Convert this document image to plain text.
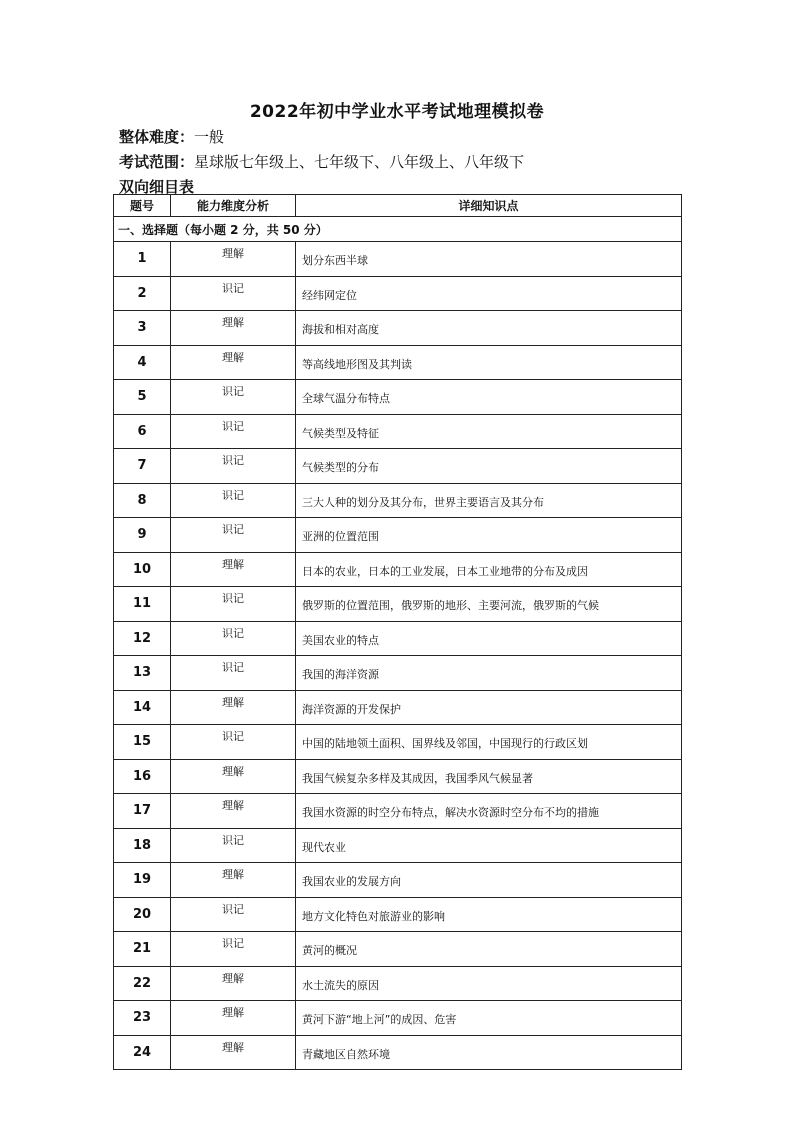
2022年初中学业水平考试地理模拟卷
整体难度：一般
考试范围：星球版七年级上、七年级下、八年级上、八年级下
双向细目表
题号	能力维度分析	详细知识点
一、选择题（每小题 2 分，共 50 分）		
1	理解	划分东西半球
2	识记	经纬网定位
3	理解	海拔和相对高度
4	理解	等高线地形图及其判读
5	识记	全球气温分布特点
6	识记	气候类型及特征
7	识记	气候类型的分布
8	识记	三大人种的划分及其分布，世界主要语言及其分布
9	识记	亚洲的位置范围
10	理解	日本的农业，日本的工业发展，日本工业地带的分布及成因
11	识记	俄罗斯的位置范围，俄罗斯的地形、主要河流，俄罗斯的气候
12	识记	美国农业的特点
13	识记	我国的海洋资源
14	理解	海洋资源的开发保护
15	识记	中国的陆地领土面积、国界线及邻国，中国现行的行政区划
16	理解	我国气候复杂多样及其成因，我国季风气候显著
17	理解	我国水资源的时空分布特点，解决水资源时空分布不均的措施
18	识记	现代农业
19	理解	我国农业的发展方向
20	识记	地方文化特色对旅游业的影响
21	识记	黄河的概况
22	理解	水土流失的原因
23	理解	黄河下游“地上河”的成因、危害
24	理解	青藏地区自然环境
